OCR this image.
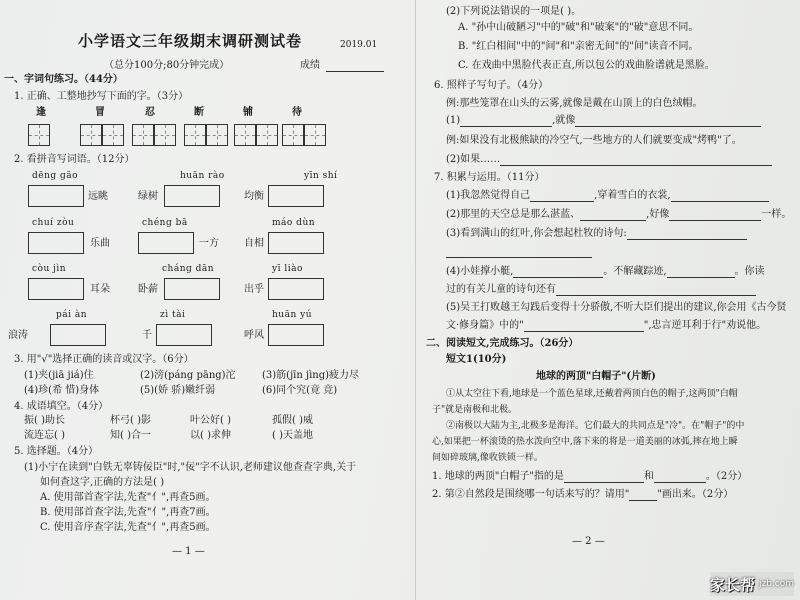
小学语文三年级期末调研测试卷	2019.01
（总分100分;80分钟完成）	成绩
一、字词句练习。（44分）
1. 正确、工整地抄写下面的字。（3分）
逢	冒	忍	断	铺	待
2. 看拼音写词语。（12分）
dēng gāo	huān rào	yīn shí
远眺	绿树	均衡
chuí zòu	chéng bā	máo dùn
乐曲	一方	自相
còu jìn	cháng dān	yī liào
耳朵	卧薪	出乎
pái àn	zì tài	huān yú
浪涛	千	呼风
3. 用"√"选择正确的读音或汉字。（6分）
(1)夹(jiā jiá)住	(2)滂(páng pāng)沱	(3)筋(jīn jìng)疲力尽
(4)珍(希 惜)身体	(5)(娇 骄)嫩纤弱	(6)同个究(竟 竞)
4. 成语填空。（4分）
振( )助长	杯弓( )影	叶公好( )	孤假( )威
流连忘( )	知( )合一	以( )求伸	( )天盖地
5. 选择题。（4分）
(1)小宁在读到"白铁无辜铸佞臣"时,"佞"字不认识,老师建议他查查字典,关于
如何查这字,正确的方法是( )
A. 使用部首查字法,先查"亻",再查5画。
B. 使用部首查字法,先查"亻",再查7画。
C. 使用音序查字法,先查"亻",再查5画。
— 1 —
(2)下列说法错误的一项是( )。
A. "孙中山破陋习"中的"破"和"破案"的"破"意思不同。
B. "红白相间"中的"间"和"亲密无间"的"间"读音不同。
C. 在戏曲中黑脸代表正直,所以包公的戏曲脸谱就是黑脸。
6. 照样子写句子。（4分）
例:那些笼罩在山头的云雾,就像是戴在山顶上的白色绒帽。
(1)	,就像
例:如果没有北极熊缺的冷空气,一些地方的人们就要变成"烤鸭"了。
(2)如果……
7. 积累与运用。（11分）
(1)我忽然觉得自己	,穿着雪白的衣裳,
(2)那里的天空总是那么湛蓝、	,好像	一样。
(3)看到满山的红叶,你会想起杜牧的诗句:
(4)小娃撑小艇,	。不解藏踪迹,	。你读
过的有关儿童的诗句还有
(5)吴王打败越王勾践后变得十分骄傲,不听大臣们提出的建议,你会用《古今贤
文·修身篇》中的"	",忠言逆耳利于行"劝说他。
二、阅读短文,完成练习。（26分）
短文1(10分)
地球的两顶"白帽子"(片断)
①从太空往下看,地球是一个蓝色星球,还戴着两顶白色的帽子,这两顶"白帽
子"就是南极和北极。
②南极以大陆为主,北极多是海洋。它们最大的共同点是"冷"。在"帽子"的中
心,如果把一杯滚烫的热水泼向空中,落下来的将是一道美丽的冰弧,摔在地上瞬
间如碎玻璃,像收铁锁一样。
1. 地球的两顶"白帽子"指的是	和	。（2分）
2. 第②自然段是围绕哪一句话来写的？请用"	"画出来。（2分）
— 2 —
家长帮 jzb.com
